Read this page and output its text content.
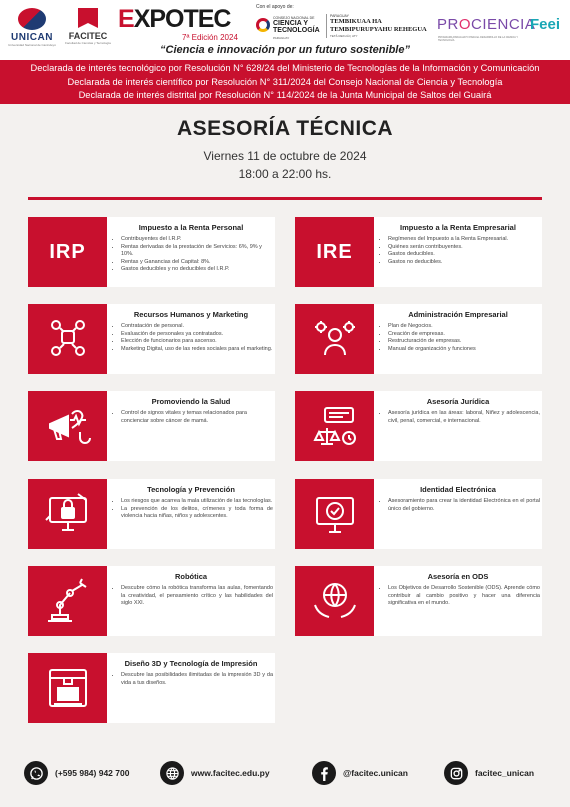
UNICAN
Universidad Nacional de Canindeyú
FACITEC
Facultad de Ciencias y Tecnología
EXPOTEC
7ª Edición 2024
Con el apoyo de:
CONSEJO NACIONAL DE
CIENCIA Y
TECNOLOGÍA
PARAGUAY
PARAGUAY
TEMBIKUAA HA
TEMBIPURUPYAHU REHEGUA
TETÃ REKUÁI | ATY
PROCIENCIA
PROGRAMA PARAGUAYO PARA EL DESARROLLO DE LA CIENCIA Y TECNOLOGÍA
Feei
“Ciencia e innovación por un futuro sostenible”
Declarada de interés tecnológico por Resolución N° 628/24 del Ministerio de Tecnologías de la Información y Comunicación
Declarada de interés científico por Resolución N° 311/2024 del Consejo Nacional de Ciencia y Tecnología
Declarada de interés distrital por Resolución N° 114/2024 de la Junta Municipal de Saltos del Guairá
ASESORÍA TÉCNICA
Viernes 11 de octubre de 2024
18:00 a 22:00 hs.
IRP
Impuesto a la Renta Personal
• Contribuyentes del I.R.P.
• Rentas derivadas de la prestación de Servicios: 6%, 9% y 10%.
• Rentas y Ganancias del Capital: 8%.
• Gastos deducibles y no deducibles del I.R.P.
IRE
Impuesto a la Renta Empresarial
• Regímenes del Impuesto a la Renta Empresarial.
• Quiénes serán contribuyentes.
• Gastos deducibles.
• Gastos no deducibles.
Recursos Humanos y Marketing
• Contratación de personal.
• Evaluación de personales ya contratados.
• Elección de funcionarios para ascenso.
• Marketing Digital, uso de las redes sociales para el marketing.
Administración Empresarial
• Plan de Negocios.
• Creación de empresas.
• Restructuración de empresas.
• Manual de organización y funciones
Promoviendo la Salud
• Control de signos vitales y temas relacionados para concienciar sobre cáncer de mamá.
Asesoría Jurídica
• Asesoría jurídica en las áreas: laboral, Niñez y adolescencia, civil, penal, comercial, e internacional.
Tecnología y Prevención
• Los riesgos que acarrea la mala utilización de las tecnologías.
• La prevención de los delitos, crímenes y toda forma de violencia hacia niñas, niños y adolescentes.
Identidad Electrónica
• Asesoramiento para crear la identidad Electrónica en el portal único del gobierno.
Robótica
• Descubre cómo la robótica transforma las aulas, fomentando la creatividad, el pensamiento crítico y las habilidades del siglo XXI.
Asesoría en ODS
• Los Objetivos de Desarrollo Sostenible (ODS). Aprende cómo contribuir al cambio positivo y hacer una diferencia significativa en el mundo.
Diseño 3D y Tecnología de Impresión
• Descubre las posibilidades ilimitadas de la impresión 3D y da vida a tus diseños.
(+595 984) 942 700	www.facitec.edu.py	@facitec.unican	facitec_unican
